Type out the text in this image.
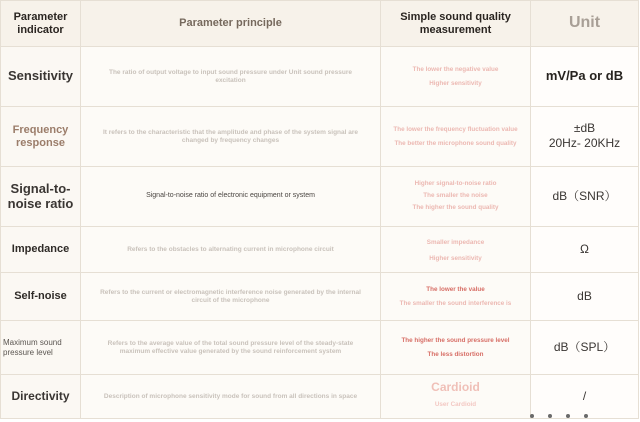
Parameter indicator	Parameter principle	Simple sound quality measurement	Unit
Sensitivity	The ratio of output voltage to input sound pressure under Unit sound pressure excitation	The lower the negative value
Higher sensitivity	mV/Pa or dB

Frequency response	It refers to the characteristic that the amplitude and phase of the system signal are changed by frequency changes	The lower the frequency fluctuation value
The better the microphone sound quality	±dB
20Hz- 20KHz

Signal-to-noise ratio	Signal-to-noise ratio of electronic equipment or system	Higher signal-to-noise ratio
The smaller the noise
The higher the sound quality	dB（SNR）

Impedance	Refers to the obstacles to alternating current in microphone circuit	Smaller impedance
Higher sensitivity	Ω

Self-noise	Refers to the current or electromagnetic interference noise generated by the internal circuit of the microphone	The lower the value
The smaller the sound interference is	dB

Maximum sound pressure level	Refers to the average value of the total sound pressure level of the steady-state maximum effective value generated by the sound reinforcement system	The higher the sound pressure level
The less distortion	dB（SPL）

Directivity	Description of microphone sensitivity mode for sound from all directions in space	Cardioid
User Cardioid	/
